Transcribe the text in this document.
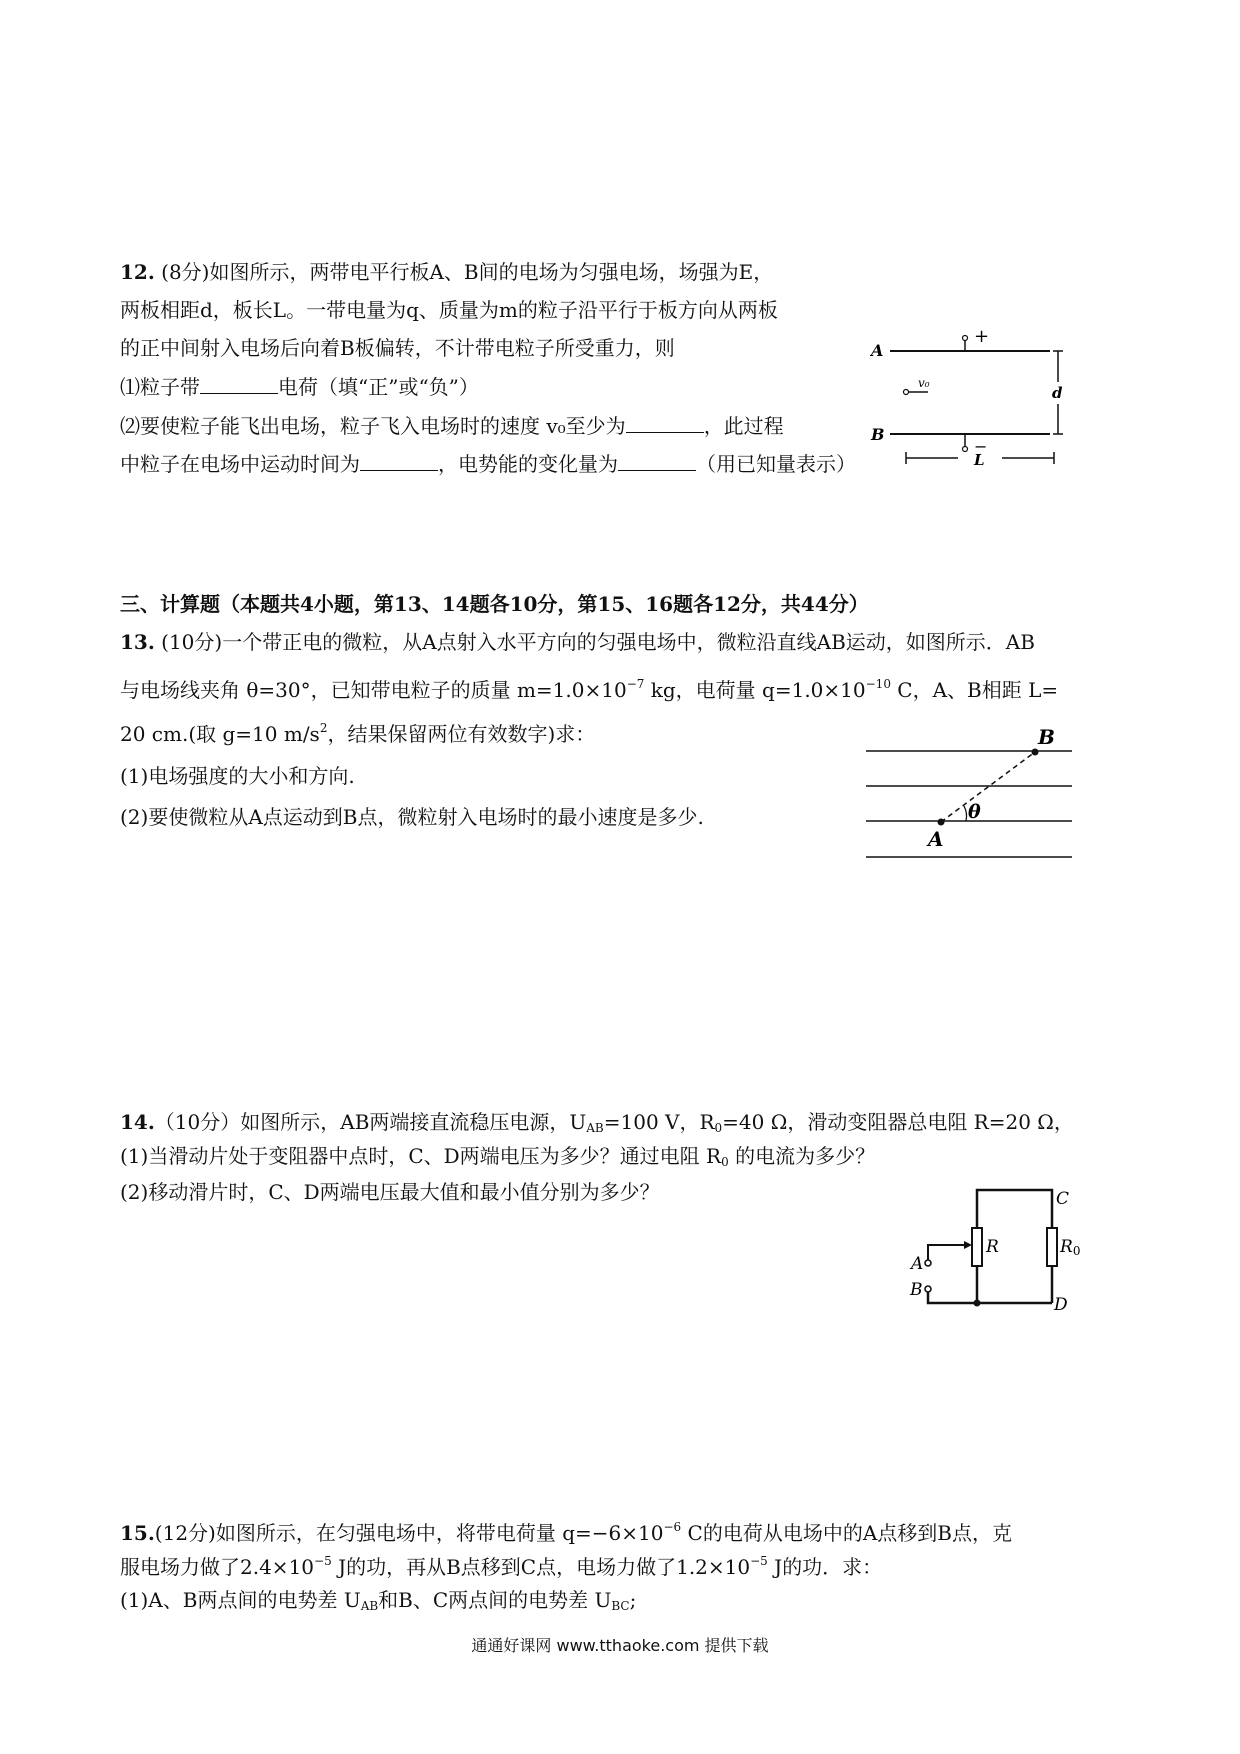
12. (8分)如图所示，两带电平行板A、B间的电场为匀强电场，场强为E，
两板相距d，板长L。一带电量为q、质量为m的粒子沿平行于板方向从两板
的正中间射入电场后向着B板偏转，不计带电粒子所受重力，则
⑴粒子带	电荷（填“正”或“负”）
⑵要使粒子能飞出电场，粒子飞入电场时的速度 v₀至少为	，此过程
中粒子在电场中运动时间为	，电势能的变化量为	（用已知量表示）
A
B
+
−
v₀
d
L
三、计算题（本题共4小题，第13、14题各10分，第15、16题各12分，共44分）
13. (10分)一个带正电的微粒，从A点射入水平方向的匀强电场中，微粒沿直线AB运动，如图所示．AB
与电场线夹角 θ=30°，已知带电粒子的质量 $m=1.0\times 10^{-7}$ kg，电荷量 $q=1.0\times 10^{-10}$ C，A、B相距 L=
20 cm.(取 g=10 $m/s^2$，结果保留两位有效数字)求：
(1)电场强度的大小和方向.
(2)要使微粒从A点运动到B点，微粒射入电场时的最小速度是多少.	θ
A
B
14.（10分）如图所示，AB两端接直流稳压电源，$U_{AB}=100$ V，$R_0=40$ Ω，滑动变阻器总电阻 R=20 Ω，
(1)当滑动片处于变阻器中点时，C、D两端电压为多少？通过电阻 $R_0$ 的电流为多少？
(2)移动滑片时，C、D两端电压最大值和最小值分别为多少？
A
B
C
D
R	R0
15.(12分)如图所示，在匀强电场中，将带电荷量 $q=-6\times 10^{-6}$ C的电荷从电场中的A点移到B点，克
服电场力做了$2.4\times 10^{-5}$ J的功，再从B点移到C点，电场力做了$1.2\times 10^{-5}$ J的功．求：
(1)A、B两点间的电势差 $U_{AB}$和B、C两点间的电势差 $U_{BC}$;
通通好课网 www.tthaoke.com 提供下载
